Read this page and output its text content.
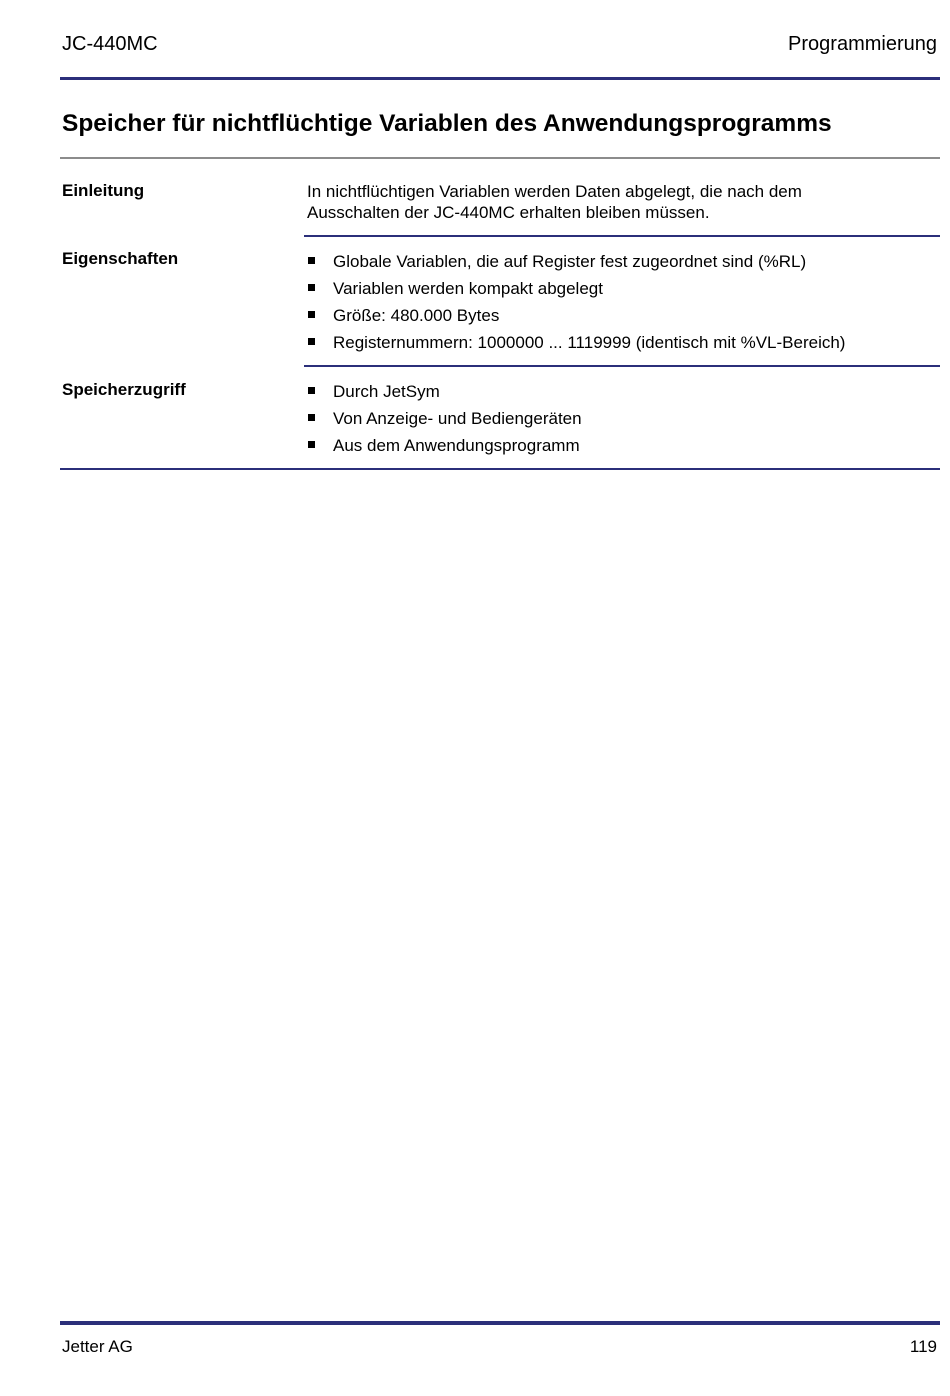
JC-440MC	Programmierung
Speicher für nichtflüchtige Variablen des Anwendungsprogramms
Einleitung	In nichtflüchtigen Variablen werden Daten abgelegt, die nach dem
Ausschalten der JC-440MC erhalten bleiben müssen.
Eigenschaften	Globale Variablen, die auf Register fest zugeordnet sind (%RL)
Variablen werden kompakt abgelegt
Größe: 480.000 Bytes
Registernummern: 1000000 ... 1119999 (identisch mit %VL-Bereich)
Speicherzugriff	Durch JetSym
Von Anzeige- und Bediengeräten
Aus dem Anwendungsprogramm
Jetter AG	119
